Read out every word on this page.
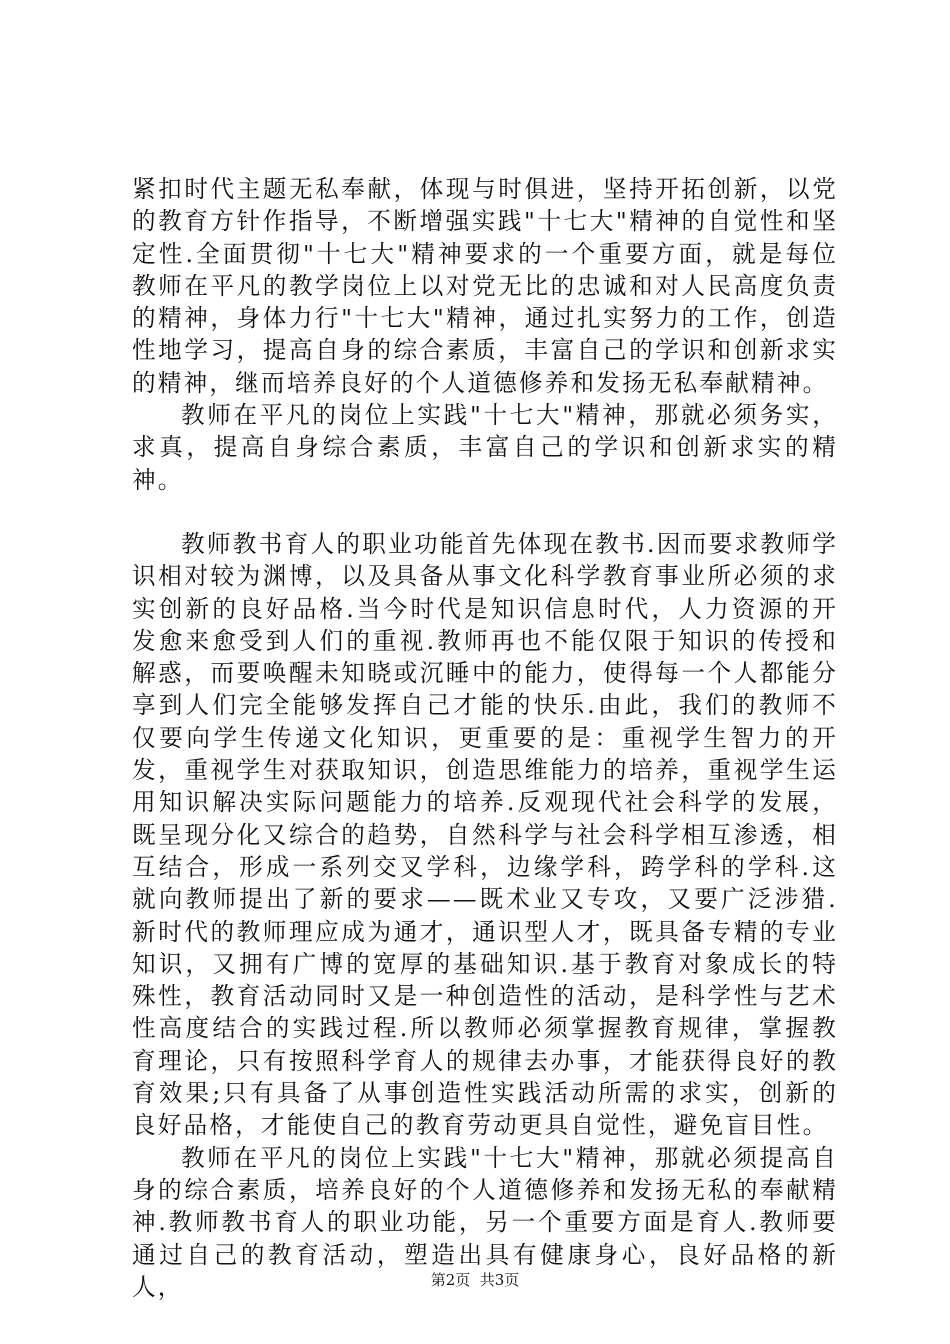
紧扣时代主题无私奉献，体现与时俱进，坚持开拓创新，以党的教育方针作指导，不断增强实践"十七大"精神的自觉性和坚定性.全面贯彻"十七大"精神要求的一个重要方面，就是每位教师在平凡的教学岗位上以对党无比的忠诚和对人民高度负责的精神，身体力行"十七大"精神，通过扎实努力的工作，创造性地学习，提高自身的综合素质，丰富自己的学识和创新求实的精神，继而培养良好的个人道德修养和发扬无私奉献精神。

教师在平凡的岗位上实践"十七大"精神，那就必须务实，求真，提高自身综合素质，丰富自己的学识和创新求实的精神。

教师教书育人的职业功能首先体现在教书.因而要求教师学识相对较为渊博，以及具备从事文化科学教育事业所必须的求实创新的良好品格.当今时代是知识信息时代，人力资源的开发愈来愈受到人们的重视.教师再也不能仅限于知识的传授和解惑，而要唤醒未知晓或沉睡中的能力，使得每一个人都能分享到人们完全能够发挥自己才能的快乐.由此，我们的教师不仅要向学生传递文化知识，更重要的是：重视学生智力的开发，重视学生对获取知识，创造思维能力的培养，重视学生运用知识解决实际问题能力的培养.反观现代社会科学的发展，既呈现分化又综合的趋势，自然科学与社会科学相互渗透，相互结合，形成一系列交叉学科，边缘学科，跨学科的学科.这就向教师提出了新的要求——既术业又专攻，又要广泛涉猎.新时代的教师理应成为通才，通识型人才，既具备专精的专业知识，又拥有广博的宽厚的基础知识.基于教育对象成长的特殊性，教育活动同时又是一种创造性的活动，是科学性与艺术性高度结合的实践过程.所以教师必须掌握教育规律，掌握教育理论，只有按照科学育人的规律去办事，才能获得良好的教育效果;只有具备了从事创造性实践活动所需的求实，创新的良好品格，才能使自己的教育劳动更具自觉性，避免盲目性。

教师在平凡的岗位上实践"十七大"精神，那就必须提高自身的综合素质，培养良好的个人道德修养和发扬无私的奉献精神.教师教书育人的职业功能，另一个重要方面是育人.教师要通过自己的教育活动，塑造出具有健康身心，良好品格的新人，	第2页  共3页
